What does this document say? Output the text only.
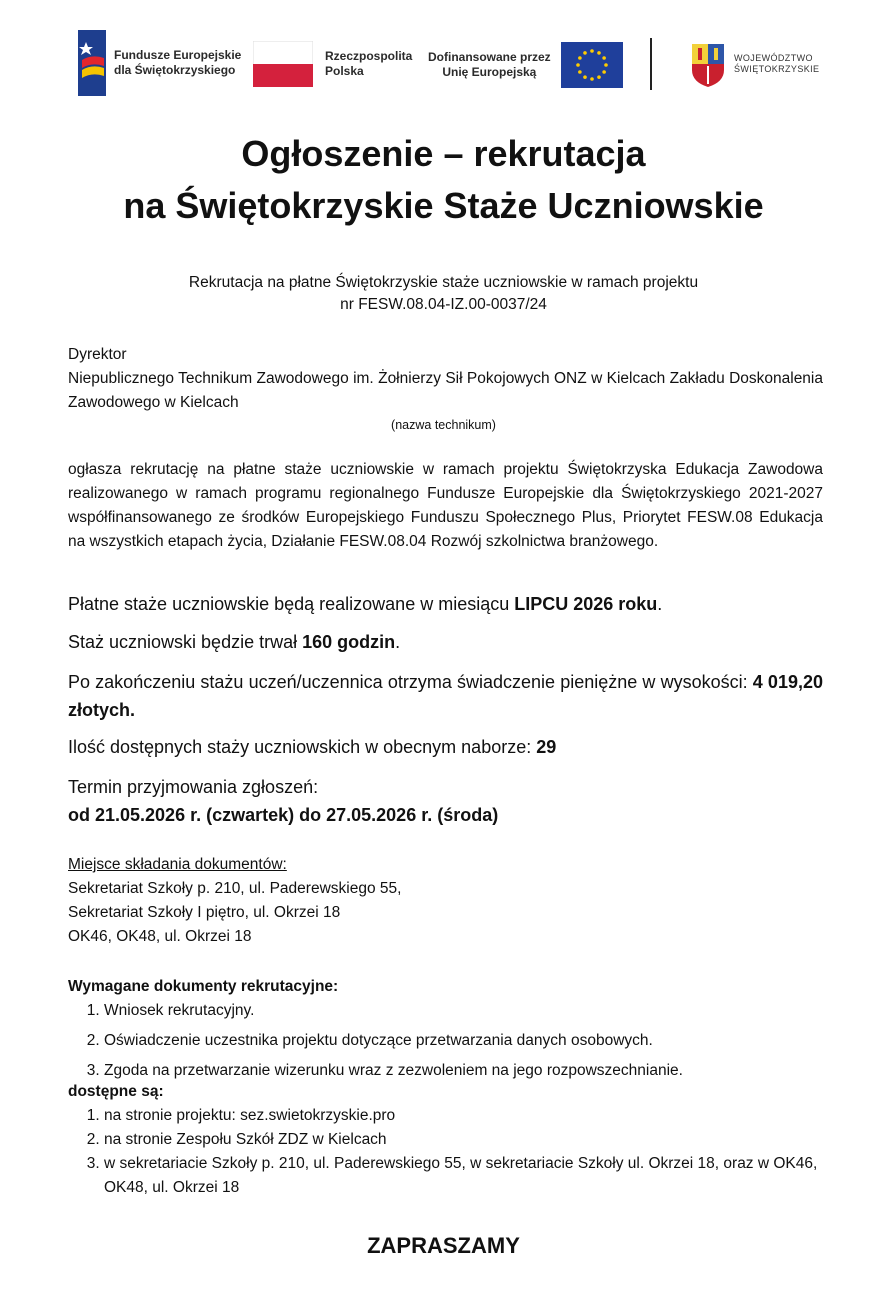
Fundusze Europejskie
dla Świętokrzyskiego
Rzeczpospolita
Polska
Dofinansowane przez
Unię Europejską
WOJEWÓDZTWO
ŚWIĘTOKRZYSKIE
Ogłoszenie – rekrutacja
na Świętokrzyskie Staże Uczniowskie
Rekrutacja na płatne Świętokrzyskie staże uczniowskie w ramach projektu
nr FESW.08.04-IZ.00-0037/24
Dyrektor
Niepublicznego Technikum Zawodowego im. Żołnierzy Sił Pokojowych ONZ w Kielcach Zakładu Doskonalenia Zawodowego w Kielcach
(nazwa technikum)
ogłasza rekrutację na płatne staże uczniowskie w ramach projektu Świętokrzyska Edukacja Zawodowa realizowanego w ramach programu regionalnego Fundusze Europejskie dla Świętokrzyskiego 2021-2027 współfinansowanego ze środków Europejskiego Funduszu Społecznego Plus, Priorytet FESW.08 Edukacja na wszystkich etapach życia, Działanie FESW.08.04 Rozwój szkolnictwa branżowego.
Płatne staże uczniowskie będą realizowane w miesiącu LIPCU 2026 roku.
Staż uczniowski będzie trwał 160 godzin.
Po zakończeniu stażu uczeń/uczennica otrzyma świadczenie pieniężne w wysokości: 4 019,20 złotych.
Ilość dostępnych staży uczniowskich w obecnym naborze: 29
Termin przyjmowania zgłoszeń:
od 21.05.2026 r. (czwartek) do 27.05.2026 r. (środa)
Miejsce składania dokumentów:
Sekretariat Szkoły p. 210, ul. Paderewskiego 55,
Sekretariat Szkoły I piętro, ul. Okrzei 18
OK46, OK48, ul. Okrzei 18
Wymagane dokumenty rekrutacyjne:
1. Wniosek rekrutacyjny.
2. Oświadczenie uczestnika projektu dotyczące przetwarzania danych osobowych.
3. Zgoda na przetwarzanie wizerunku wraz z zezwoleniem na jego rozpowszechnianie.
dostępne są:
1. na stronie projektu: sez.swietokrzyskie.pro
2. na stronie Zespołu Szkół ZDZ w Kielcach
3. w sekretariacie Szkoły p. 210, ul. Paderewskiego 55, w sekretariacie Szkoły ul. Okrzei 18, oraz w OK46, OK48, ul. Okrzei 18
ZAPRASZAMY
